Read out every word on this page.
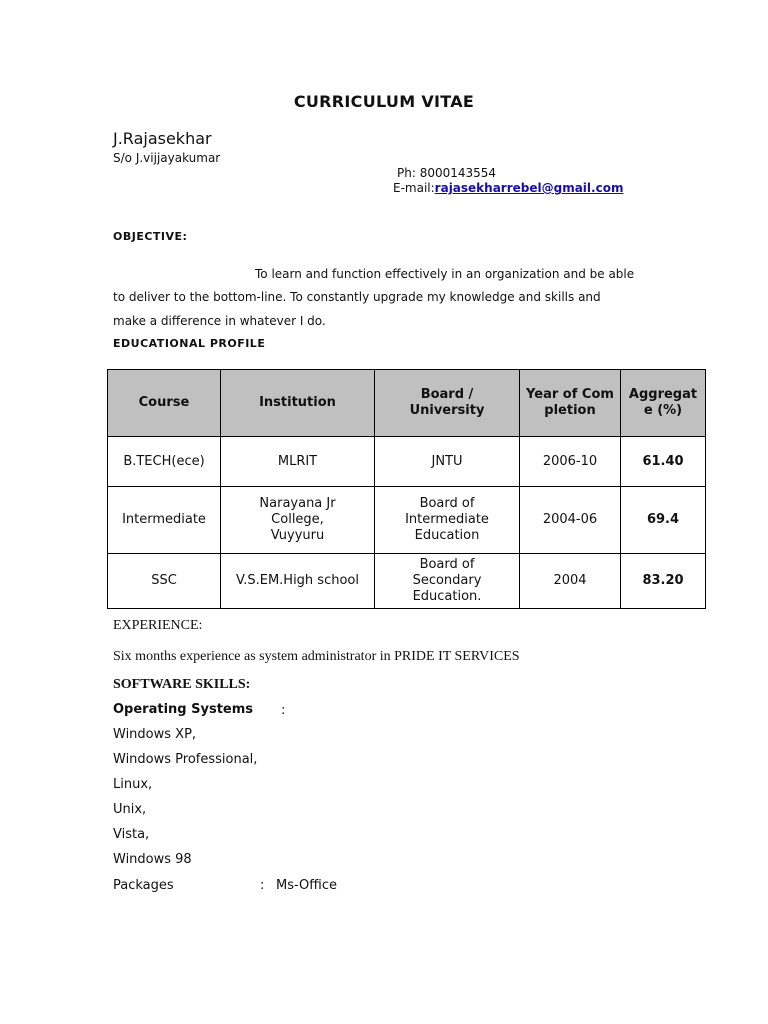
CURRICULUM VITAE
J.Rajasekhar
S/o J.vijjayakumar
Ph: 8000143554
E-mail:rajasekharrebel@gmail.com
OBJECTIVE:
To learn and function effectively in an organization and be able
to deliver to the bottom-line. To constantly upgrade my knowledge and skills and
make a difference in whatever I do.
EDUCATIONAL PROFILE
Course	Institution	Board / University	Year of Completion	Aggregate (%)
B.TECH(ece)	MLRIT	JNTU	2006-10	61.40
Intermediate	Narayana Jr College, Vuyyuru	Board of Intermediate Education	2004-06	69.4
SSC	V.S.EM.High school	Board of Secondary Education.	2004	83.20
EXPERIENCE:
Six months experience as system administrator in PRIDE IT SERVICES
SOFTWARE SKILLS:
Operating Systems :
Windows XP,
Windows Professional,
Linux,
Unix,
Vista,
Windows 98
Packages	: Ms-Office
